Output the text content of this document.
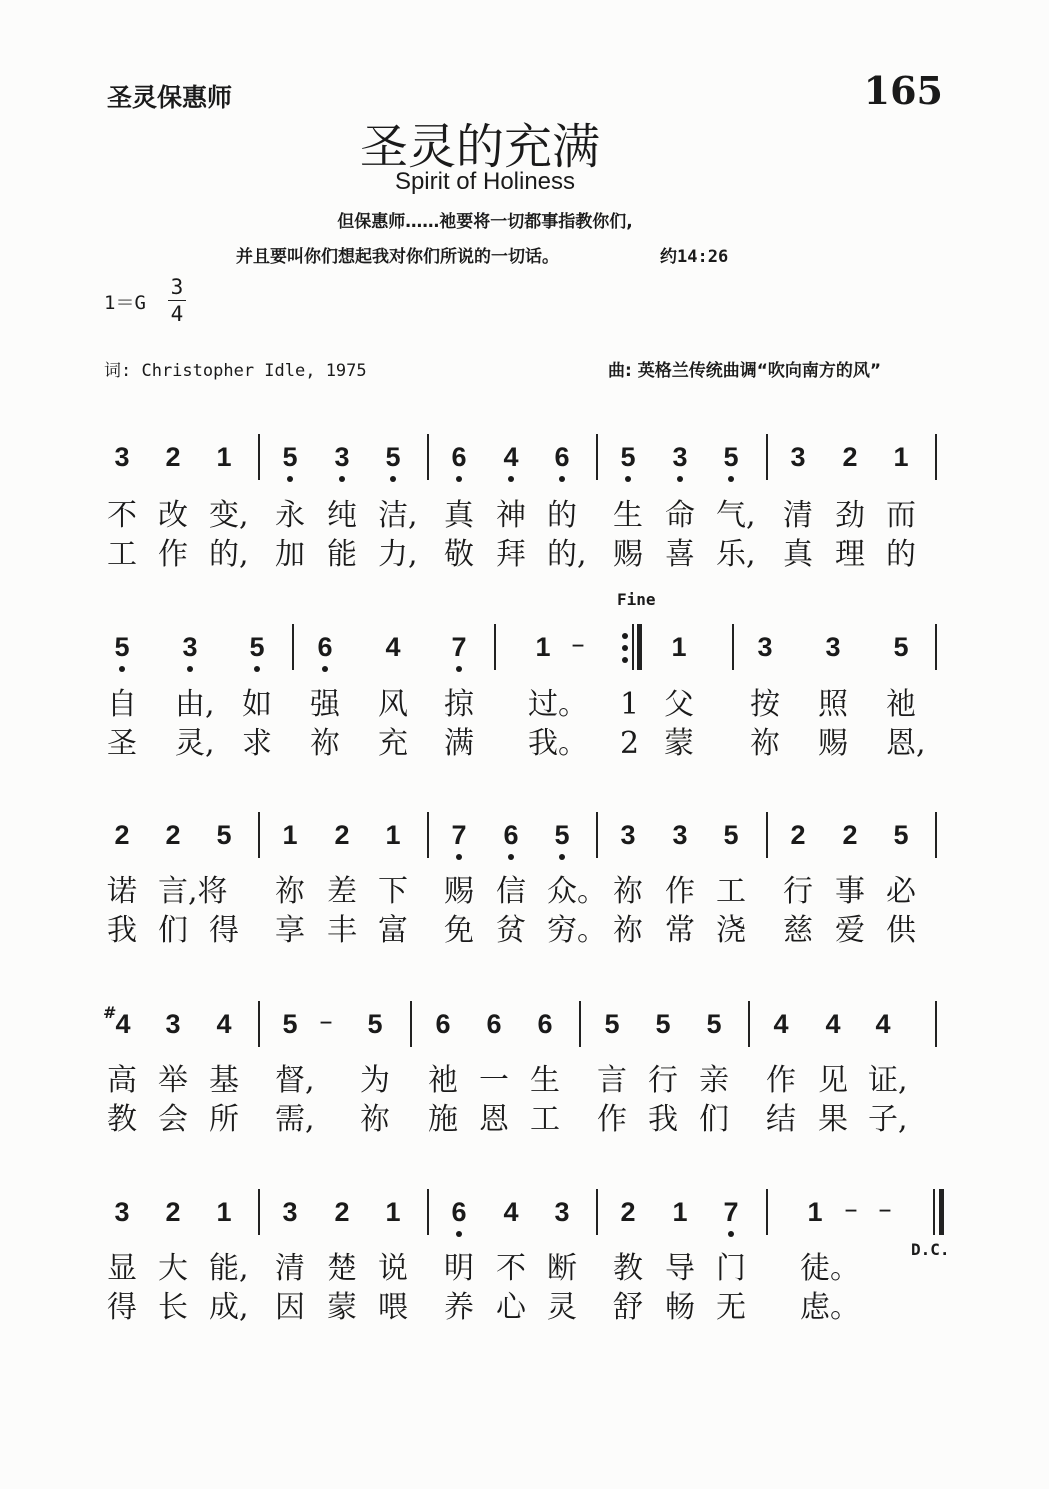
圣灵保惠师	165
圣灵的充满
Spirit of Holiness
但保惠师……祂要将一切都事指教你们,
并且要叫你们想起我对你们所说的一切话。	约14:26
1＝G
3
4
词: Christopher Idle, 1975	曲: 英格兰传统曲调“吹向南方的风”
3 2 1 5 3 5 6 4 6 5 3 5 3 2 1
不 改 变, 永 纯 洁, 真 神 的 生 命 气, 清 劲 而
工 作 的, 加 能 力, 敬 拜 的, 赐 喜 乐, 真 理 的
Fine
5 3 5 6 4 7	1 –	1	3 3 5
自 由, 如 强 风 掠 过。 1 父 按 照 祂
圣 灵, 求 祢 充 满 我。 2 蒙 祢 赐 恩,
2 2 5 1 2 1 7 6 5 3 3 5 2 2 5
诺 言,将 祢 差 下 赐 信 众。 祢 作 工 行 事 必
我 们 得 享 丰 富 免 贫 穷。 祢 常 浇 慈 爱 供
# 4 3 4 5 –	5 6 6 6 5 5 5 4 4 4
高 举 基 督, 为 祂 一 生 言 行 亲 作 见 证,
教 会 所 需, 祢 施 恩 工 作 我 们 结 果 子,
3 2 1 3 2 1 6 4 3 2 1 7	1 – –
D.C.
显 大 能, 清 楚 说 明 不 断 教 导 门 徒。
得 长 成, 因 蒙 喂 养 心 灵 舒 畅 无 虑。
